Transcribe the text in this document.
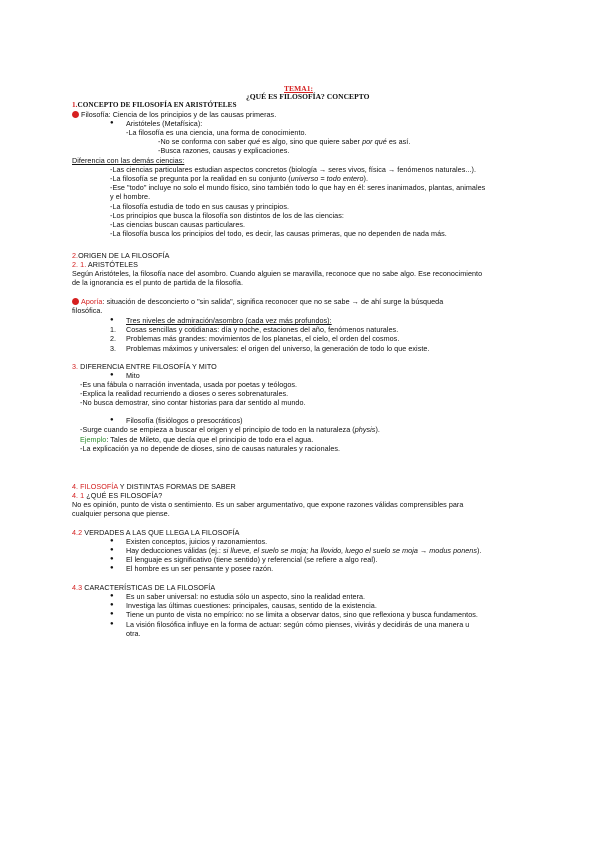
TEMA1:
¿QUÉ ES FILOSOFÍA? CONCEPTO
1.CONCEPTO DE FILOSOFÍA EN ARISTÓTELES
Filosofía: Ciencia de los principios y de las causas primeras.
● Aristóteles (Metafísica):
-La filosofía es una ciencia, una forma de conocimiento.
-No se conforma con saber qué es algo, sino que quiere saber por qué es así.
-Busca razones, causas y explicaciones.
Diferencia con las demás ciencias:
-Las ciencias particulares estudian aspectos concretos (biología → seres vivos, física → fenómenos naturales...).
-La filosofía se pregunta por la realidad en su conjunto (universo = todo entero).
-Ese "todo" incluye no solo el mundo físico, sino también todo lo que hay en él: seres inanimados, plantas, animales
y el hombre.
-La filosofía estudia de todo en sus causas y principios.
-Los principios que busca la filosofía son distintos de los de las ciencias:
-Las ciencias buscan causas particulares.
-La filosofía busca los principios del todo, es decir, las causas primeras, que no dependen de nada más.
2.ORIGEN DE LA FILOSOFÍA
2. 1. ARISTÓTELES
Según Aristóteles, la filosofía nace del asombro. Cuando alguien se maravilla, reconoce que no sabe algo. Ese reconocimiento
de la ignorancia es el punto de partida de la filosofía.
Aporía: situación de desconcierto o "sin salida", significa reconocer que no se sabe → de ahí surge la búsqueda
filosófica.
● Tres niveles de admiración/asombro (cada vez más profundos):
1. Cosas sencillas y cotidianas: día y noche, estaciones del año, fenómenos naturales.
2. Problemas más grandes: movimientos de los planetas, el cielo, el orden del cosmos.
3. Problemas máximos y universales: el origen del universo, la generación de todo lo que existe.
3. DIFERENCIA ENTRE FILOSOFÍA Y MITO
● Mito
-Es una fábula o narración inventada, usada por poetas y teólogos.
-Explica la realidad recurriendo a dioses o seres sobrenaturales.
-No busca demostrar, sino contar historias para dar sentido al mundo.
● Filosofía (fisiólogos o presocráticos)
-Surge cuando se empieza a buscar el origen y el principio de todo en la naturaleza (physis).
Ejemplo: Tales de Mileto, que decía que el principio de todo era el agua.
-La explicación ya no depende de dioses, sino de causas naturales y racionales.
4. FILOSOFÍA Y DISTINTAS FORMAS DE SABER
4. 1 ¿QUÉ ES FILOSOFÍA?
No es opinión, punto de vista o sentimiento. Es un saber argumentativo, que expone razones válidas comprensibles para
cualquier persona que piense.
4.2 VERDADES A LAS QUE LLEGA LA FILOSOFÍA
● Existen conceptos, juicios y razonamientos.
● Hay deducciones válidas (ej.: si llueve, el suelo se moja; ha llovido, luego el suelo se moja → modus ponens).
● El lenguaje es significativo (tiene sentido) y referencial (se refiere a algo real).
● El hombre es un ser pensante y posee razón.
4.3 CARACTERÍSTICAS DE LA FILOSOFÍA
● Es un saber universal: no estudia sólo un aspecto, sino la realidad entera.
● Investiga las últimas cuestiones: principales, causas, sentido de la existencia.
● Tiene un punto de vista no empírico: no se limita a observar datos, sino que reflexiona y busca fundamentos.
● La visión filosófica influye en la forma de actuar: según cómo pienses, vivirás y decidirás de una manera u
otra.
